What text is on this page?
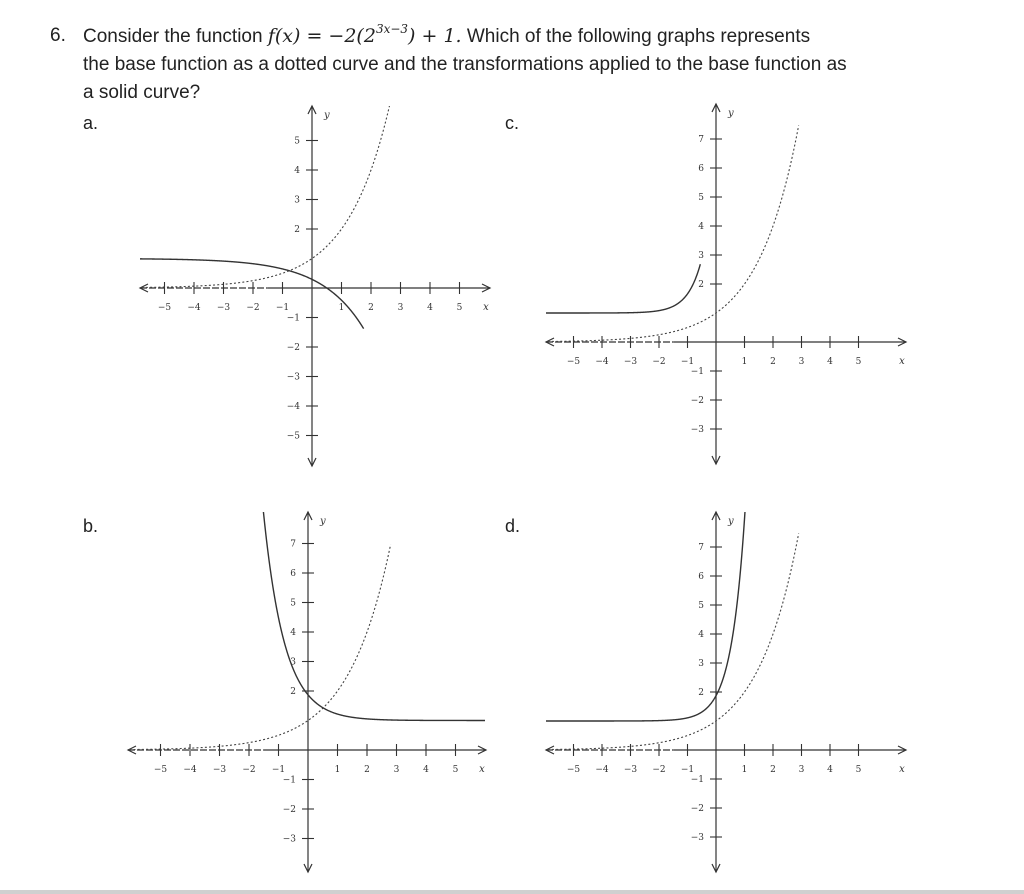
6. Consider the function $f(x) = -2(2^{3x-3}) + 1$. Which of the following graphs represents
the base function as a dotted curve and the transformations applied to the base function as
a solid curve?
a.
b.
c.
d.
−5 −4 −3 −2 −1	1	2	3	4	5
2
3
4
5
−1
−2
−3
−4
−5
x
y
−5 −4 −3 −2 −1	1	2	3	4	5
2
3
4
5
6
7
−1
−2
−3
x
y
−5 −4 −3 −2 −1	1	2	3	4	5
2
3
4
5
6
7
−1
−2
−3
x
y
−5 −4 −3 −2 −1	1	2	3	4	5
2
3
4
5
6
7
−1
−2
−3
x
y
